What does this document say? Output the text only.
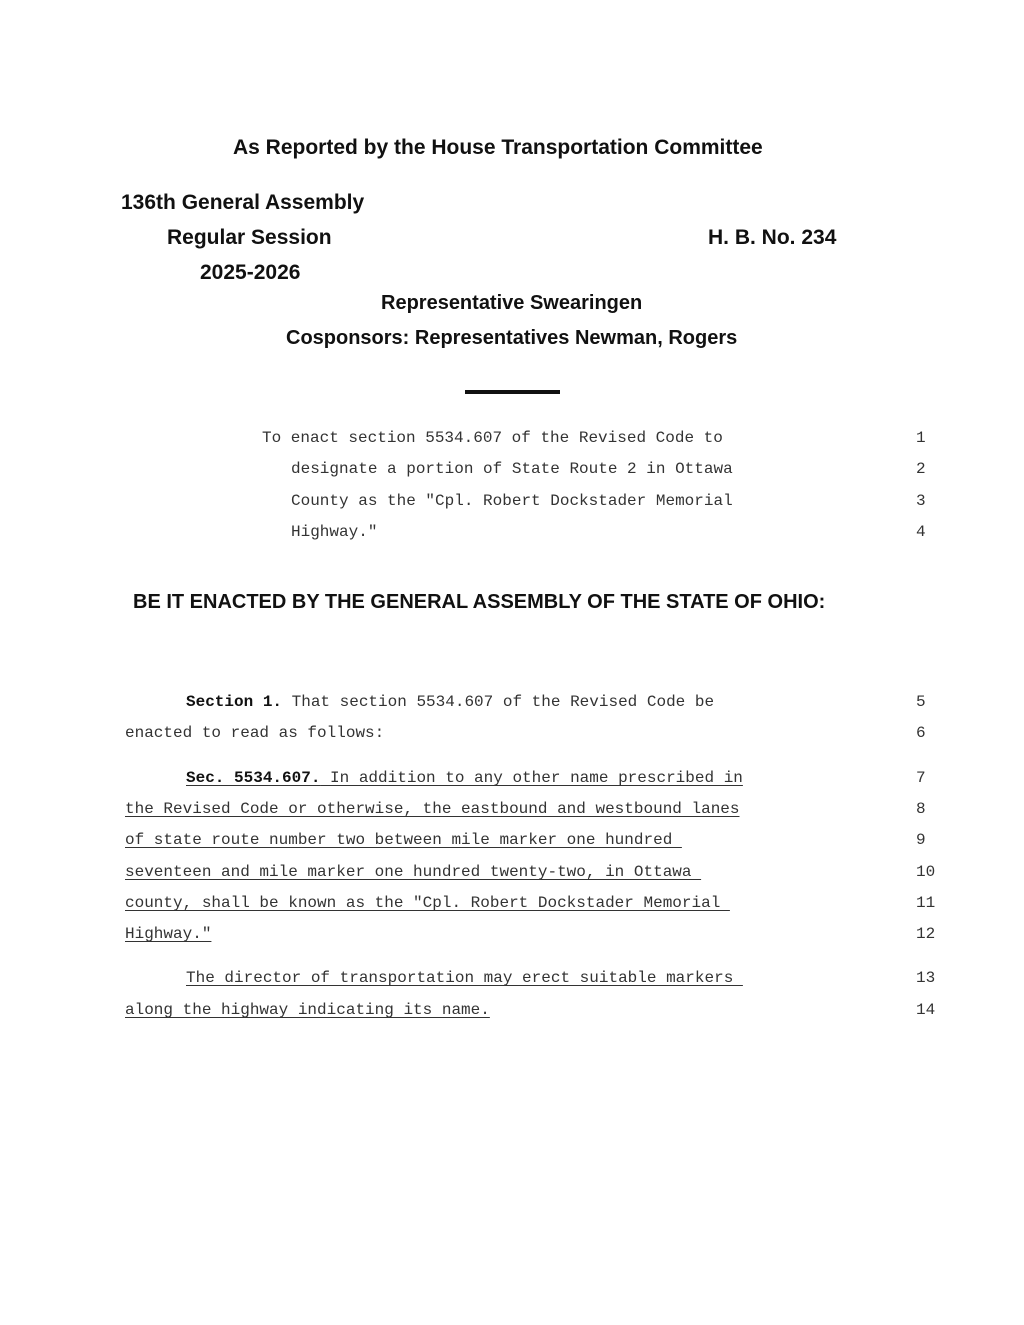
As Reported by the House Transportation Committee
136th General Assembly
Regular Session	H. B. No. 234
2025-2026
Representative Swearingen
Cosponsors: Representatives Newman, Rogers
To enact section 5534.607 of the Revised Code to	1
designate a portion of State Route 2 in Ottawa	2
County as the "Cpl. Robert Dockstader Memorial	3
Highway."	4
BE IT ENACTED BY THE GENERAL ASSEMBLY OF THE STATE OF OHIO:
Section 1. That section 5534.607 of the Revised Code be	5
enacted to read as follows:	6
Sec. 5534.607. In addition to any other name prescribed in	7
the Revised Code or otherwise, the eastbound and westbound lanes	8
of state route number two between mile marker one hundred	9
seventeen and mile marker one hundred twenty-two, in Ottawa	10
county, shall be known as the "Cpl. Robert Dockstader Memorial	11
Highway."	12
The director of transportation may erect suitable markers	13
along the highway indicating its name.	14
